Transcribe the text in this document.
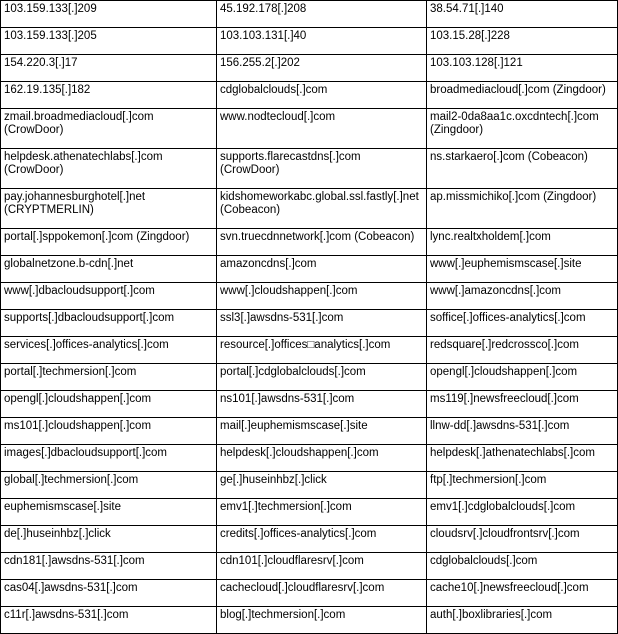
103.159.133[.]209	45.192.178[.]208	38.54.71[.]140
103.159.133[.]205	103.103.131[.]40	103.15.28[.]228
154.220.3[.]17	156.255.2[.]202	103.103.128[.]121
162.19.135[.]182	cdglobalclouds[.]com	broadmediacloud[.]com (Zingdoor)
zmail.broadmediacloud[.]com (CrowDoor)	www.nodtecloud[.]com	mail2-0da8aa1c.oxcdntech[.]com (Zingdoor)
helpdesk.athenatechlabs[.]com (CrowDoor)	supports.flarecastdns[.]com (CrowDoor)	ns.starkaero[.]com (Cobeacon)
pay.johannesburghotel[.]net (CRYPTMERLIN)	kidshomeworkabc.global.ssl.fastly[.]net (Cobeacon)	ap.missmichiko[.]com (Zingdoor)
portal[.]sppokemon[.]com (Zingdoor)	svn.truecdnnetwork[.]com (Cobeacon)	lync.realtxholdem[.]com
globalnetzone.b-cdn[.]net	amazoncdns[.]com	www[.]euphemismscase[.]site
www[.]dbacloudsupport[.]com	www[.]cloudshappen[.]com	www[.]amazoncdns[.]com
supports[.]dbacloudsupport[.]com	ssl3[.]awsdns-531[.]com	soffice[.]offices-analytics[.]com
services[.]offices-analytics[.]com	resource[.]offices□analytics[.]com	redsquare[.]redcrossco[.]com
portal[.]techmersion[.]com	portal[.]cdglobalclouds[.]com	opengl[.]cloudshappen[.]com
opengl[.]cloudshappen[.]com	ns101[.]awsdns-531[.]com	ms119[.]newsfreecloud[.]com
ms101[.]cloudshappen[.]com	mail[.]euphemismscase[.]site	llnw-dd[.]awsdns-531[.]com
images[.]dbacloudsupport[.]com	helpdesk[.]cloudshappen[.]com	helpdesk[.]athenatechlabs[.]com
global[.]techmersion[.]com	ge[.]huseinhbz[.]click	ftp[.]techmersion[.]com
euphemismscase[.]site	emv1[.]techmersion[.]com	emv1[.]cdglobalclouds[.]com
de[.]huseinhbz[.]click	credits[.]offices-analytics[.]com	cloudsrv[.]cloudfrontsrv[.]com
cdn181[.]awsdns-531[.]com	cdn101[.]cloudflaresrv[.]com	cdglobalclouds[.]com
cas04[.]awsdns-531[.]com	cachecloud[.]cloudflaresrv[.]com	cache10[.]newsfreecloud[.]com
c11r[.]awsdns-531[.]com	blog[.]techmersion[.]com	auth[.]boxlibraries[.]com
